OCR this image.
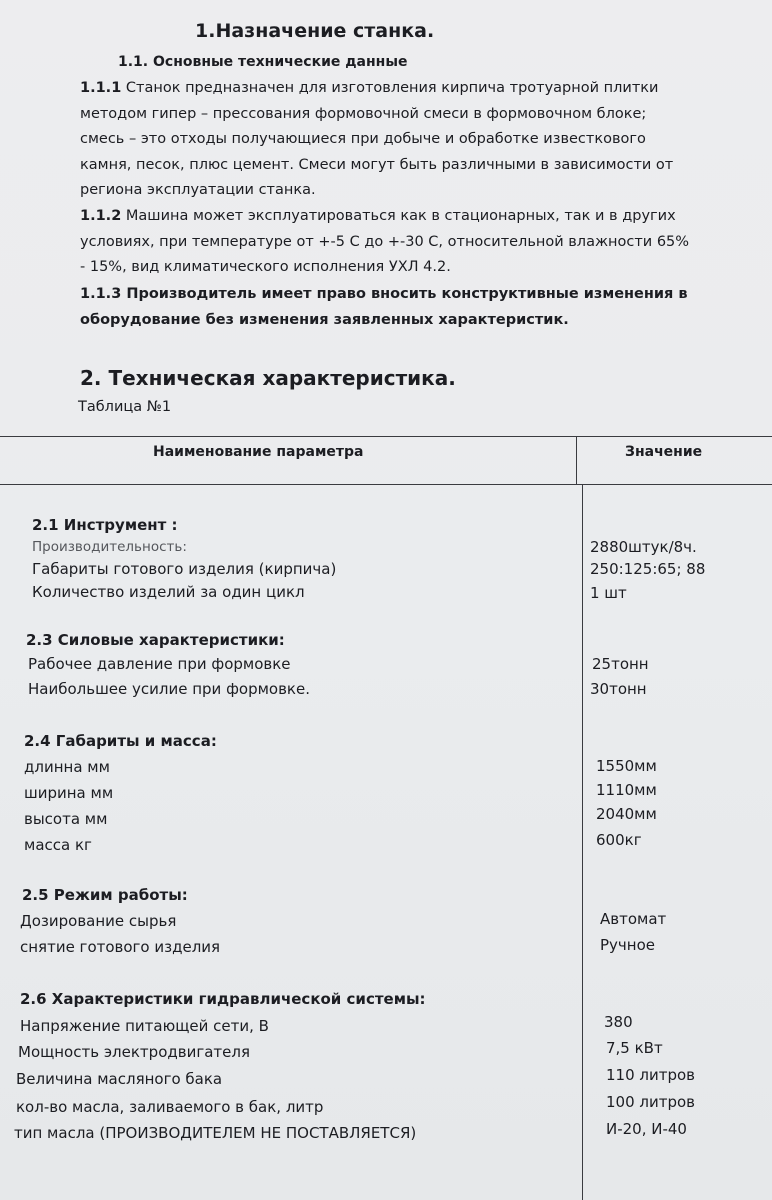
1.Назначение станка.
1.1. Основные технические данные
1.1.1 Станок предназначен для изготовления кирпича тротуарной плитки
методом гипер – прессования формовочной смеси в формовочном блоке;
смесь – это отходы получающиеся при добыче и обработке известкового
камня, песок, плюс цемент. Смеси могут быть различными в зависимости от
региона эксплуатации станка.
1.1.2 Машина может эксплуатироваться как в стационарных, так и в других
условиях, при температуре от +-5 С до +-30 С, относительной влажности 65%
- 15%, вид климатического исполнения УХЛ 4.2.
1.1.3 Производитель имеет право вносить конструктивные изменения в
оборудование без изменения заявленных характеристик.
2. Техническая характеристика.
Таблица №1
Наименование параметра	Значение
2.1 Инструмент :
Производительность:	2880штук/8ч.
Габариты готового изделия (кирпича)	250:125:65; 88
Количество изделий за один цикл	1 шт
2.3 Силовые характеристики:
Рабочее давление при формовке	25тонн
Наибольшее усилие при формовке.	30тонн
2.4 Габариты и масса:
длинна мм	1550мм
ширина мм	1110мм
высота мм	2040мм
масса кг	600кг
2.5 Режим работы:
Дозирование сырья	Автомат
снятие готового изделия	Ручное
2.6 Характеристики гидравлической системы:
Напряжение питающей сети, В	380
Мощность электродвигателя	7,5 кВт
Величина масляного бака	110 литров
кол-во масла, заливаемого в бак, литр	100 литров
тип масла (ПРОИЗВОДИТЕЛЕМ НЕ ПОСТАВЛЯЕТСЯ)	И-20, И-40
